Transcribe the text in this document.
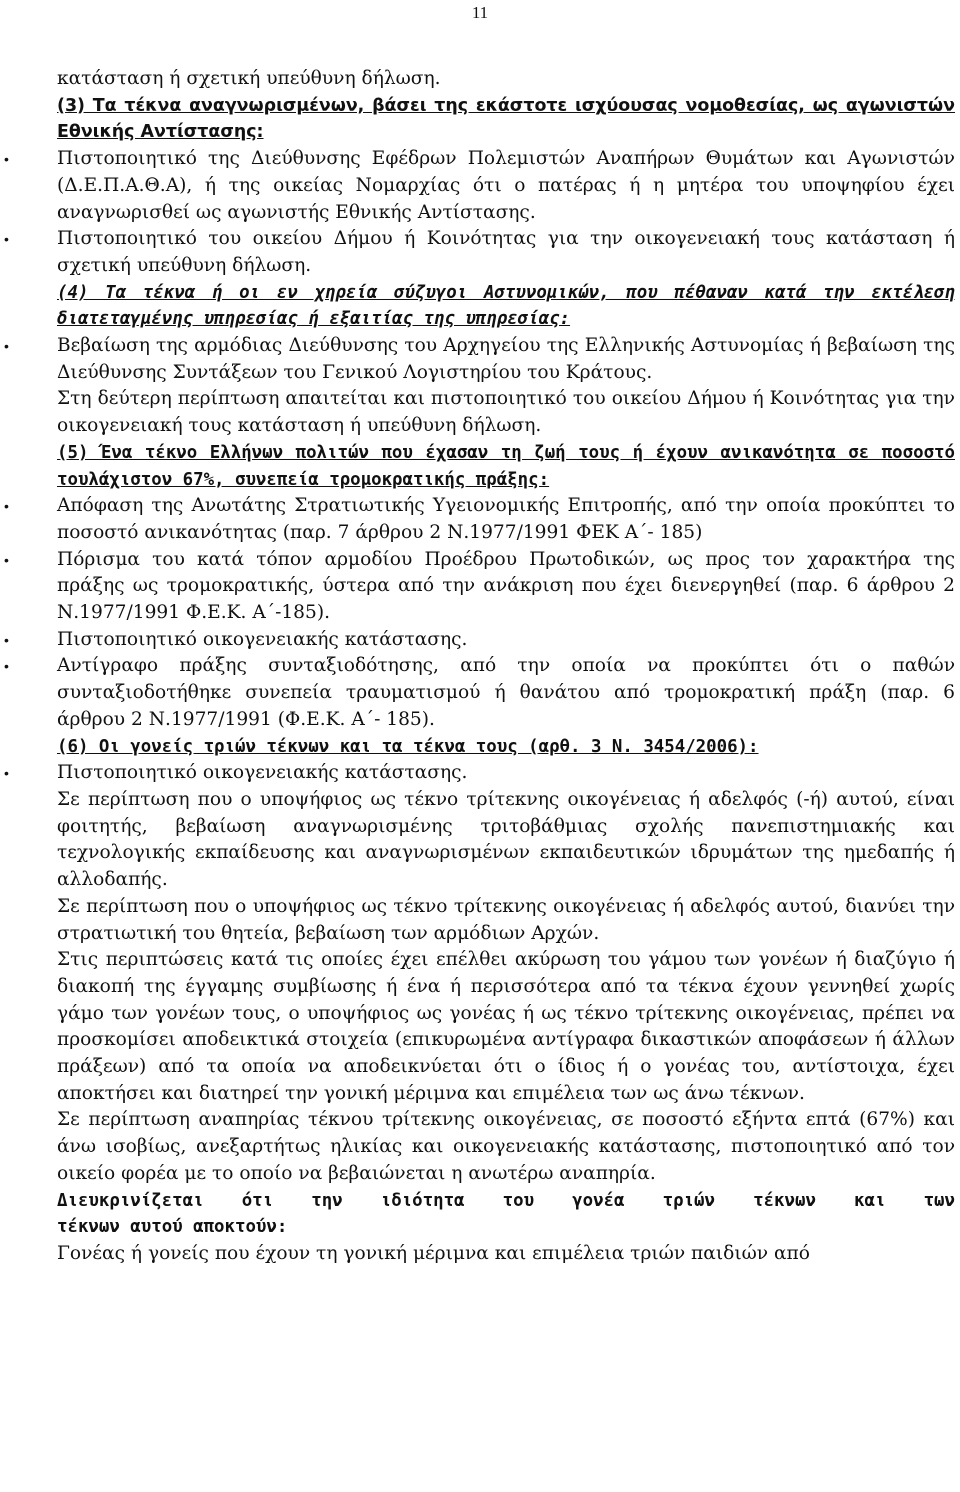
11

κατάσταση ή σχετική υπεύθυνη δήλωση.

(3) Τα τέκνα αναγνωρισμένων, βάσει της εκάστοτε ισχύουσας νομοθεσίας, ως αγωνιστών Εθνικής Αντίστασης:

• Πιστοποιητικό της Διεύθυνσης Εφέδρων Πολεμιστών Αναπήρων Θυμάτων και Αγωνιστών (Δ.Ε.Π.Α.Θ.Α), ή της οικείας Νομαρχίας ότι ο πατέρας ή η μητέρα του υποψηφίου έχει αναγνωρισθεί ως αγωνιστής Εθνικής Αντίστασης.

• Πιστοποιητικό του οικείου Δήμου ή Κοινότητας για την οικογενειακή τους κατάσταση ή σχετική υπεύθυνη δήλωση.

(4) Τα τέκνα ή οι εν χηρεία σύζυγοι Αστυνομικών, που πέθαναν κατά την εκτέλεση διατεταγμένης υπηρεσίας ή εξαιτίας της υπηρεσίας:

• Βεβαίωση της αρμόδιας Διεύθυνσης του Αρχηγείου της Ελληνικής Αστυνομίας ή βεβαίωση της Διεύθυνσης Συντάξεων του Γενικού Λογιστηρίου του Κράτους.

Στη δεύτερη περίπτωση απαιτείται και πιστοποιητικό του οικείου Δήμου ή Κοινότητας για την οικογενειακή τους κατάσταση ή υπεύθυνη δήλωση.

(5) Ένα τέκνο Ελλήνων πολιτών που έχασαν τη ζωή τους ή έχουν ανικανότητα σε ποσοστό τουλάχιστον 67%, συνεπεία τρομοκρατικής πράξης:

• Απόφαση της Ανωτάτης Στρατιωτικής Υγειονομικής Επιτροπής, από την οποία προκύπτει το ποσοστό ανικανότητας (παρ. 7 άρθρου 2 Ν.1977/1991 ΦΕΚ Α΄- 185)

• Πόρισμα του κατά τόπον αρμοδίου Προέδρου Πρωτοδικών, ως προς τον χαρακτήρα της πράξης ως τρομοκρατικής, ύστερα από την ανάκριση που έχει διενεργηθεί (παρ. 6 άρθρου 2 Ν.1977/1991 Φ.Ε.Κ. Α΄-185).

• Πιστοποιητικό οικογενειακής κατάστασης.

• Αντίγραφο πράξης συνταξιοδότησης, από την οποία να προκύπτει ότι ο παθών συνταξιοδοτήθηκε συνεπεία τραυματισμού ή θανάτου από τρομοκρατική πράξη (παρ. 6 άρθρου 2 Ν.1977/1991 (Φ.Ε.Κ. Α΄- 185).

(6) Οι γονείς τριών τέκνων και τα τέκνα τους (αρθ. 3 Ν. 3454/2006):

• Πιστοποιητικό οικογενειακής κατάστασης.

Σε περίπτωση που ο υποψήφιος ως τέκνο τρίτεκνης οικογένειας ή αδελφός (-ή) αυτού, είναι φοιτητής, βεβαίωση αναγνωρισμένης τριτοβάθμιας σχολής πανεπιστημιακής και τεχνολογικής εκπαίδευσης και αναγνωρισμένων εκπαιδευτικών ιδρυμάτων της ημεδαπής ή αλλοδαπής.

Σε περίπτωση που ο υποψήφιος ως τέκνο τρίτεκνης οικογένειας ή αδελφός αυτού, διανύει την στρατιωτική του θητεία, βεβαίωση των αρμόδιων Αρχών.

Στις περιπτώσεις κατά τις οποίες έχει επέλθει ακύρωση του γάμου των γονέων ή διαζύγιο ή διακοπή της έγγαμης συμβίωσης ή ένα ή περισσότερα από τα τέκνα έχουν γεννηθεί χωρίς γάμο των γονέων τους, ο υποψήφιος ως γονέας ή ως τέκνο τρίτεκνης οικογένειας, πρέπει να προσκομίσει αποδεικτικά στοιχεία (επικυρωμένα αντίγραφα δικαστικών αποφάσεων ή άλλων πράξεων) από τα οποία να αποδεικνύεται ότι ο ίδιος ή ο γονέας του, αντίστοιχα, έχει αποκτήσει και διατηρεί την γονική μέριμνα και επιμέλεια των ως άνω τέκνων.

Σε περίπτωση αναπηρίας τέκνου τρίτεκνης οικογένειας, σε ποσοστό εξήντα επτά (67%) και άνω ισοβίως, ανεξαρτήτως ηλικίας και οικογενειακής κατάστασης, πιστοποιητικό από τον οικείο φορέα με το οποίο να βεβαιώνεται η ανωτέρω αναπηρία.

Διευκρινίζεται ότι την ιδιότητα του γονέα τριών τέκνων και των

τέκνων αυτού αποκτούν:

Γονέας ή γονείς που έχουν τη γονική μέριμνα και επιμέλεια τριών παιδιών από
